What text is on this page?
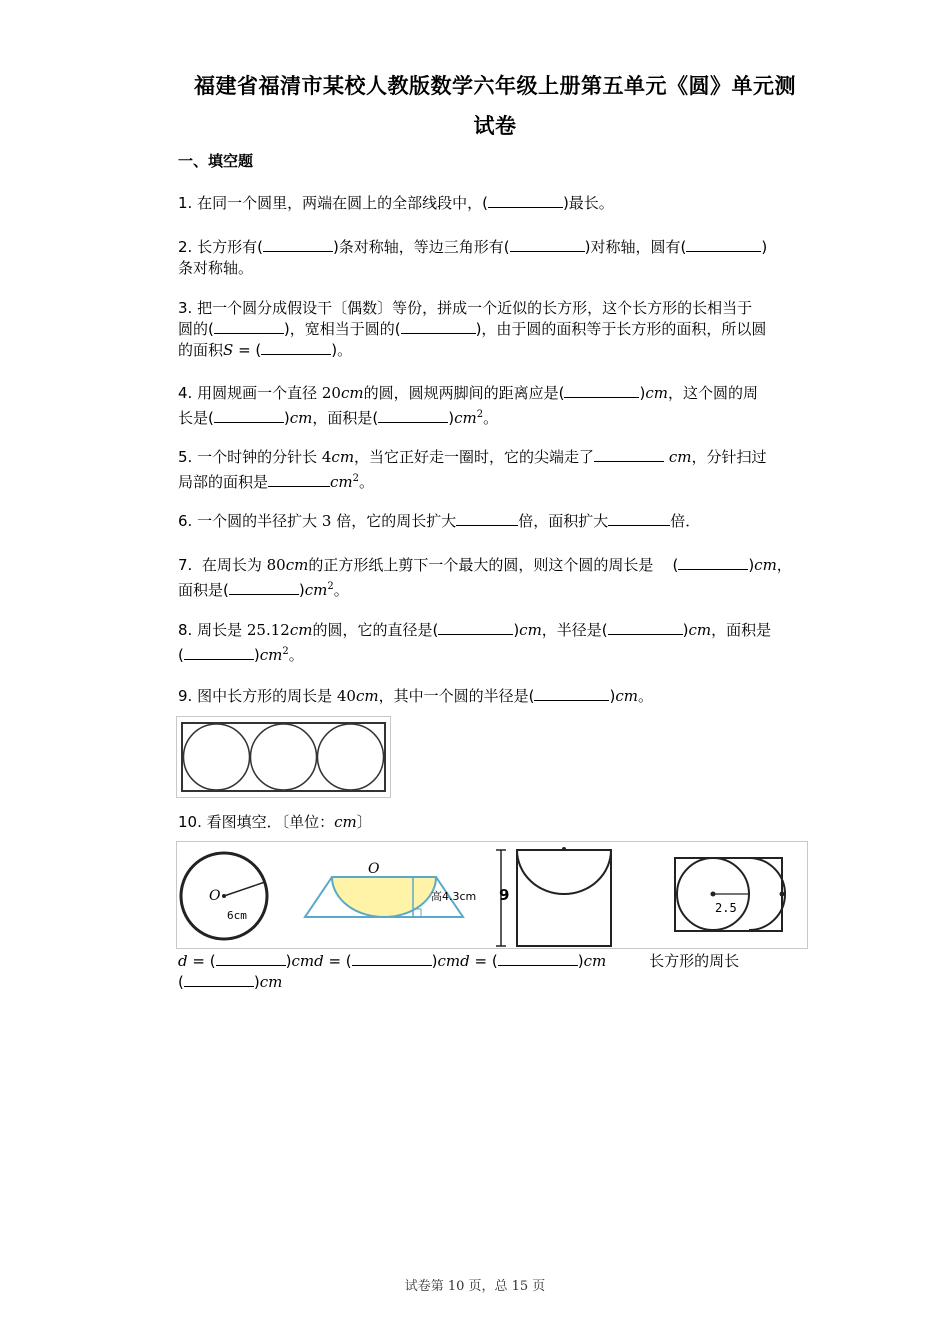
福建省福清市某校人教版数学六年级上册第五单元《圆》单元测
试卷
一、填空题
1. 在同一个圆里，两端在圆上的全部线段中，(	)最长。
2. 长方形有(	)条对称轴，等边三角形有(	)对称轴，圆有(	)
条对称轴。
3. 把一个圆分成假设干〔偶数〕等份，拼成一个近似的长方形，这个长方形的长相当于
圆的(	)，宽相当于圆的(	)，由于圆的面积等于长方形的面积，所以圆
的面积S = (	)。
4. 用圆规画一个直径 20cm的圆，圆规两脚间的距离应是(	)cm，这个圆的周
长是(	)cm，面积是(	)$cm^2$。
5. 一个时钟的分针长 4cm，当它正好走一圈时，它的尖端走了	cm，分针扫过
局部的面积是	$cm^2$。
6. 一个圆的半径扩大 3 倍，它的周长扩大	倍，面积扩大	倍．
7. 在周长为 80cm的正方形纸上剪下一个最大的圆，则这个圆的周长是 (	)cm，
面积是(	)$cm^2$。
8. 周长是 25.12cm的圆，它的直径是(	)cm，半径是(	)cm，面积是
(	)$cm^2$。
9. 图中长方形的周长是 40cm，其中一个圆的半径是(	)cm。
10. 看图填空．〔单位：cm〕
O
6cm
O
高4.3cm 9
2.5
d = (	)cmd = (	)cmd = (	)cm	长方形的周长
(	)cm
试卷第 10 页，总 15 页
